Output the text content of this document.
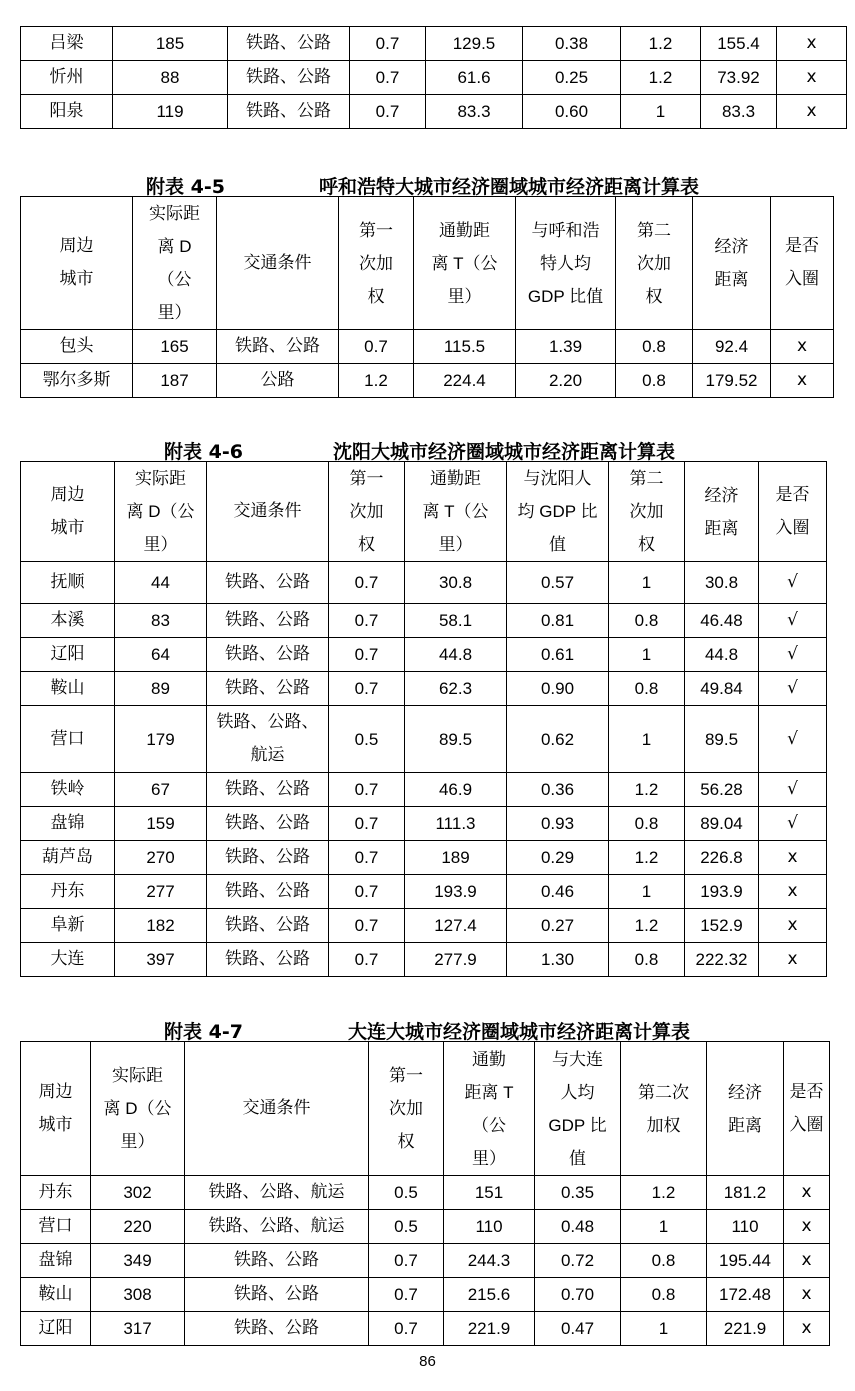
吕梁	185	铁路、公路	0.7	129.5	0.38	1.2	155.4	x
忻州	88	铁路、公路	0.7	61.6	0.25	1.2	73.92	x
阳泉	119	铁路、公路	0.7	83.3	0.60	1	83.3	x
附表 4-5	呼和浩特大城市经济圈域城市经济距离计算表
周边
城市	实际距
离 D
（公
里）	交通条件	第一
次加
权	通勤距
离 T（公
里）	与呼和浩
特人均
GDP 比值	第二
次加
权	经济
距离	是否
入圈
包头	165	铁路、公路	0.7	115.5	1.39	0.8	92.4	x
鄂尔多斯	187	公路	1.2	224.4	2.20	0.8	179.52	x
附表 4-6	沈阳大城市经济圈域城市经济距离计算表
周边
城市	实际距
离 D（公
里）	交通条件	第一
次加
权	通勤距
离 T（公
里）	与沈阳人
均 GDP 比
值	第二
次加
权	经济
距离	是否
入圈
抚顺	44	铁路、公路	0.7	30.8	0.57	1	30.8	√
本溪	83	铁路、公路	0.7	58.1	0.81	0.8	46.48	√
辽阳	64	铁路、公路	0.7	44.8	0.61	1	44.8	√
鞍山	89	铁路、公路	0.7	62.3	0.90	0.8	49.84	√
营口	179	铁路、公路、
航运	0.5	89.5	0.62	1	89.5	√
铁岭	67	铁路、公路	0.7	46.9	0.36	1.2	56.28	√
盘锦	159	铁路、公路	0.7	111.3	0.93	0.8	89.04	√
葫芦岛	270	铁路、公路	0.7	189	0.29	1.2	226.8	x
丹东	277	铁路、公路	0.7	193.9	0.46	1	193.9	x
阜新	182	铁路、公路	0.7	127.4	0.27	1.2	152.9	x
大连	397	铁路、公路	0.7	277.9	1.30	0.8	222.32	x
附表 4-7	大连大城市经济圈域城市经济距离计算表
周边
城市	实际距
离 D（公
里）	交通条件	第一
次加
权	通勤
距离 T
（公
里）	与大连
人均
GDP 比
值	第二次
加权	经济
距离	是否
入圈
丹东	302	铁路、公路、航运	0.5	151	0.35	1.2	181.2	x
营口	220	铁路、公路、航运	0.5	110	0.48	1	110	x
盘锦	349	铁路、公路	0.7	244.3	0.72	0.8	195.44	x
鞍山	308	铁路、公路	0.7	215.6	0.70	0.8	172.48	x
辽阳	317	铁路、公路	0.7	221.9	0.47	1	221.9	x
86
